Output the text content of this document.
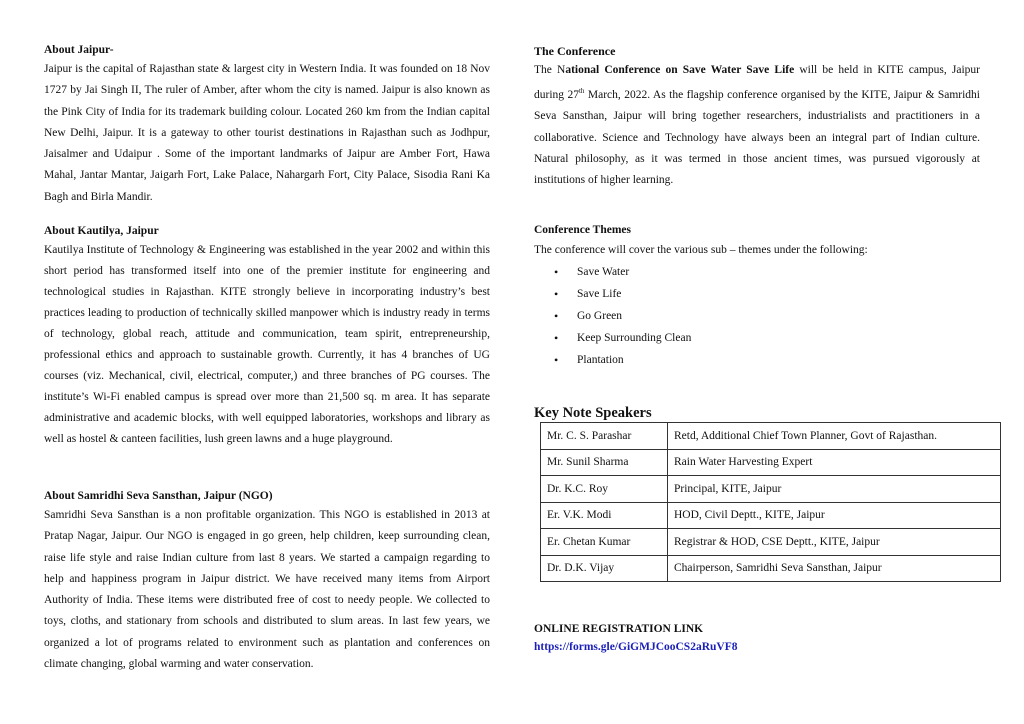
About Jaipur-

Jaipur is the capital of Rajasthan state & largest city in Western India. It was founded on 18 Nov 1727 by Jai Singh II, The ruler of Amber, after whom the city is named. Jaipur is also known as the Pink City of India for its trademark building colour. Located 260 km from the Indian capital New Delhi, Jaipur. It is a gateway to other tourist destinations in Rajasthan such as Jodhpur, Jaisalmer and Udaipur . Some of the important landmarks of Jaipur are Amber Fort, Hawa Mahal, Jantar Mantar, Jaigarh Fort, Lake Palace, Nahargarh Fort, City Palace, Sisodia Rani Ka Bagh and Birla Mandir.

About Kautilya, Jaipur

Kautilya Institute of Technology & Engineering was established in the year 2002 and within this short period has transformed itself into one of the premier institute for engineering and technological studies in Rajasthan. KITE strongly believe in incorporating industry’s best practices leading to production of technically skilled manpower which is industry ready in terms of technology, global reach, attitude and communication, team spirit, entrepreneurship, professional ethics and approach to sustainable growth. Currently, it has 4 branches of UG courses (viz. Mechanical, civil, electrical, computer,) and three branches of PG courses. The institute’s Wi-Fi enabled campus is spread over more than 21,500 sq. m area. It has separate administrative and academic blocks, with well equipped laboratories, workshops and library as well as hostel & canteen facilities, lush green lawns and a huge playground.

About Samridhi Seva Sansthan, Jaipur (NGO)

Samridhi Seva Sansthan is a non profitable organization. This NGO is established in 2013 at Pratap Nagar, Jaipur. Our NGO is engaged in go green, help children, keep surrounding clean, raise life style and raise Indian culture from last 8 years. We started a campaign regarding to help and happiness program in Jaipur district. We have received many items from Airport Authority of India. These items were distributed free of cost to needy people. We collected to toys, cloths, and stationary from schools and distributed to slum areas. In last few years, we organized a lot of programs related to environment such as plantation and conferences on climate changing, global warming and water conservation.

The Conference

The National Conference on Save Water Save Life will be held in KITE campus, Jaipur during 27th March, 2022. As the flagship conference organised by the KITE, Jaipur & Samridhi Seva Sansthan, Jaipur will bring together researchers, industrialists and practitioners in a collaborative. Science and Technology have always been an integral part of Indian culture. Natural philosophy, as it was termed in those ancient times, was pursued vigorously at institutions of higher learning.

Conference Themes

The conference will cover the various sub – themes under the following:

• Save Water
• Save Life
• Go Green
• Keep Surrounding Clean
• Plantation

Key Note Speakers

Mr. C. S. Parashar	Retd, Additional Chief Town Planner, Govt of Rajasthan.
Mr. Sunil Sharma	Rain Water Harvesting Expert
Dr. K.C. Roy	Principal, KITE, Jaipur
Er. V.K. Modi	HOD, Civil Deptt., KITE, Jaipur
Er. Chetan Kumar	Registrar & HOD, CSE Deptt., KITE, Jaipur
Dr. D.K. Vijay	Chairperson, Samridhi Seva Sansthan, Jaipur

ONLINE REGISTRATION LINK

https://forms.gle/GiGMJCooCS2aRuVF8
